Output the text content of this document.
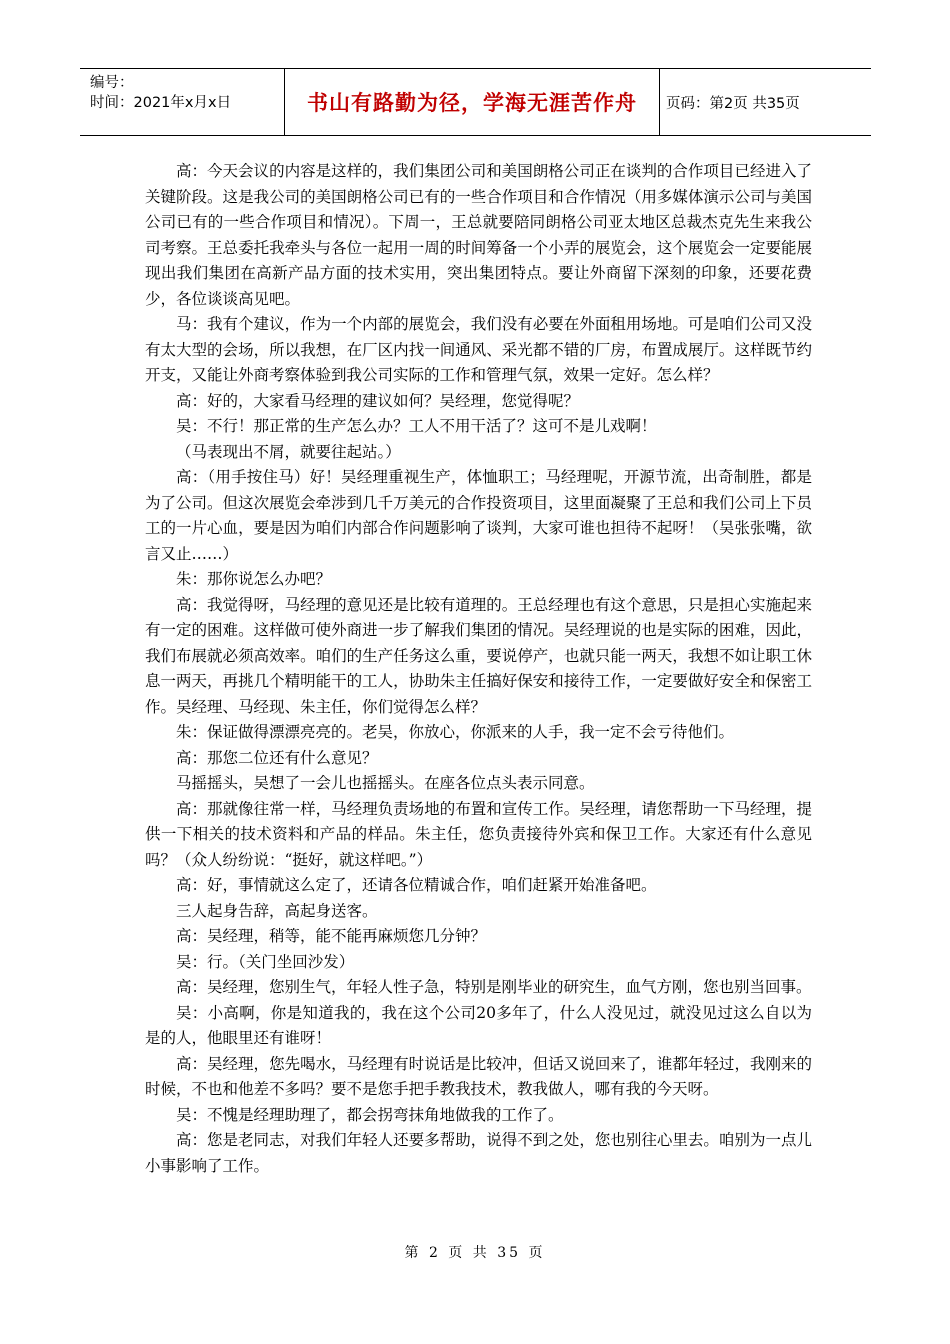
编号：
时间：2021年x月x日	书山有路勤为径，学海无涯苦作舟	页码：第2页 共35页

高：今天会议的内容是这样的，我们集团公司和美国朗格公司正在谈判的合作项目已经进入了关键阶段。这是我公司的美国朗格公司已有的一些合作项目和合作情况（用多媒体演示公司与美国公司已有的一些合作项目和情况）。下周一，王总就要陪同朗格公司亚太地区总裁杰克先生来我公司考察。王总委托我牵头与各位一起用一周的时间筹备一个小弄的展览会，这个展览会一定要能展现出我们集团在高新产品方面的技术实用，突出集团特点。要让外商留下深刻的印象，还要花费少，各位谈谈高见吧。

马：我有个建议，作为一个内部的展览会，我们没有必要在外面租用场地。可是咱们公司又没有太大型的会场，所以我想，在厂区内找一间通风、采光都不错的厂房，布置成展厅。这样既节约开支，又能让外商考察体验到我公司实际的工作和管理气氛，效果一定好。怎么样？

高：好的，大家看马经理的建议如何？吴经理，您觉得呢？

吴：不行！那正常的生产怎么办？工人不用干活了？这可不是儿戏啊！

（马表现出不屑，就要往起站。）

高：（用手按住马）好！吴经理重视生产，体恤职工；马经理呢，开源节流，出奇制胜，都是为了公司。但这次展览会牵涉到几千万美元的合作投资项目，这里面凝聚了王总和我们公司上下员工的一片心血，要是因为咱们内部合作问题影响了谈判，大家可谁也担待不起呀！（吴张张嘴，欲言又止……）

朱：那你说怎么办吧？

高：我觉得呀，马经理的意见还是比较有道理的。王总经理也有这个意思，只是担心实施起来有一定的困难。这样做可使外商进一步了解我们集团的情况。吴经理说的也是实际的困难，因此，我们布展就必须高效率。咱们的生产任务这么重，要说停产，也就只能一两天，我想不如让职工休息一两天，再挑几个精明能干的工人，协助朱主任搞好保安和接待工作，一定要做好安全和保密工作。吴经理、马经现、朱主任，你们觉得怎么样？

朱：保证做得漂漂亮亮的。老吴，你放心，你派来的人手，我一定不会亏待他们。

高：那您二位还有什么意见？

马摇摇头，吴想了一会儿也摇摇头。在座各位点头表示同意。

高：那就像往常一样，马经理负责场地的布置和宣传工作。吴经理，请您帮助一下马经理，提供一下相关的技术资料和产品的样品。朱主任，您负责接待外宾和保卫工作。大家还有什么意见吗？（众人纷纷说：“挺好，就这样吧。”）

高：好，事情就这么定了，还请各位精诚合作，咱们赶紧开始准备吧。

三人起身告辞，高起身送客。

高：吴经理，稍等，能不能再麻烦您几分钟？

吴：行。（关门坐回沙发）

高：吴经理，您别生气，年轻人性子急，特别是刚毕业的研究生，血气方刚，您也别当回事。

吴：小高啊，你是知道我的，我在这个公司20多年了，什么人没见过，就没见过这么自以为是的人，他眼里还有谁呀！

高：吴经理，您先喝水，马经理有时说话是比较冲，但话又说回来了，谁都年轻过，我刚来的时候，不也和他差不多吗？要不是您手把手教我技术，教我做人，哪有我的今天呀。

吴：不愧是经理助理了，都会拐弯抹角地做我的工作了。

高：您是老同志，对我们年轻人还要多帮助，说得不到之处，您也别往心里去。咱别为一点儿小事影响了工作。

第 2 页 共 35 页
